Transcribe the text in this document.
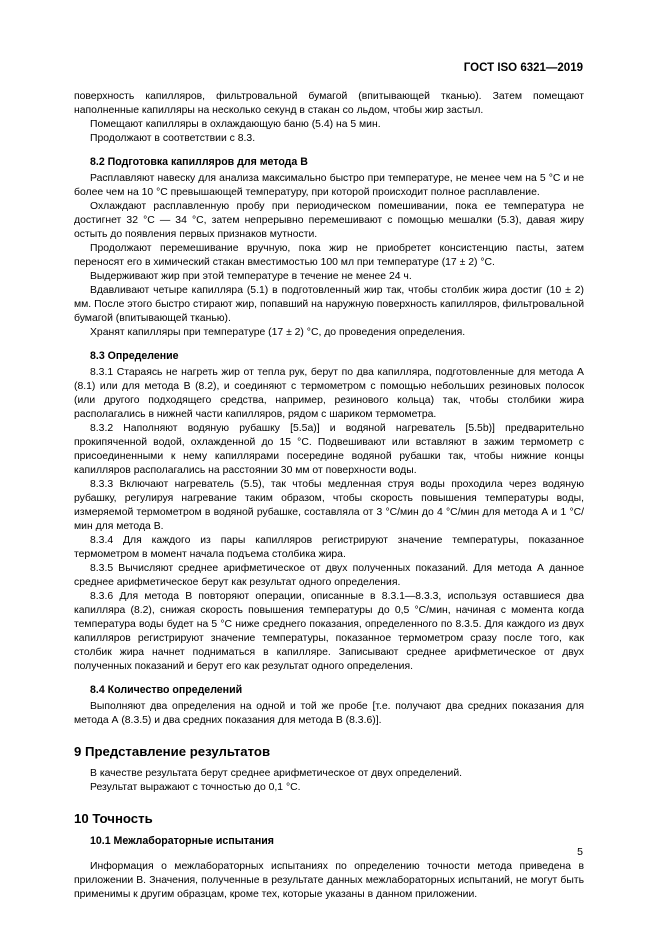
ГОСТ ISO 6321—2019

поверхность капилляров, фильтровальной бумагой (впитывающей тканью). Затем помещают наполненные капилляры на несколько секунд в стакан со льдом, чтобы жир застыл.

Помещают капилляры в охлаждающую баню (5.4) на 5 мин.

Продолжают в соответствии с 8.3.

8.2 Подготовка капилляров для метода В

Расплавляют навеску для анализа максимально быстро при температуре, не менее чем на 5 °С и не более чем на 10 °С превышающей температуру, при которой происходит полное расплавление.

Охлаждают расплавленную пробу при периодическом помешивании, пока ее температура не достигнет 32 °С — 34 °С, затем непрерывно перемешивают с помощью мешалки (5.3), давая жиру остыть до появления первых признаков мутности.

Продолжают перемешивание вручную, пока жир не приобретет консистенцию пасты, затем переносят его в химический стакан вместимостью 100 мл при температуре (17 ± 2) °С.

Выдерживают жир при этой температуре в течение не менее 24 ч.

Вдавливают четыре капилляра (5.1) в подготовленный жир так, чтобы столбик жира достиг (10 ± 2) мм. После этого быстро стирают жир, попавший на наружную поверхность капилляров, фильтровальной бумагой (впитывающей тканью).

Хранят капилляры при температуре (17 ± 2) °С, до проведения определения.

8.3 Определение

8.3.1 Стараясь не нагреть жир от тепла рук, берут по два капилляра, подготовленные для метода А (8.1) или для метода В (8.2), и соединяют с термометром с помощью небольших резиновых полосок (или другого подходящего средства, например, резинового кольца) так, чтобы столбики жира располагались в нижней части капилляров, рядом с шариком термометра.

8.3.2 Наполняют водяную рубашку [5.5а)] и водяной нагреватель [5.5b)] предварительно прокипяченной водой, охлажденной до 15 °С. Подвешивают или вставляют в зажим термометр с присоединенными к нему капиллярами посередине водяной рубашки так, чтобы нижние концы капилляров располагались на расстоянии 30 мм от поверхности воды.

8.3.3 Включают нагреватель (5.5), так чтобы медленная струя воды проходила через водяную рубашку, регулируя нагревание таким образом, чтобы скорость повышения температуры воды, измеряемой термометром в водяной рубашке, составляла от 3 °С/мин до 4 °С/мин для метода А и 1 °С/мин для метода В.

8.3.4 Для каждого из пары капилляров регистрируют значение температуры, показанное термометром в момент начала подъема столбика жира.

8.3.5 Вычисляют среднее арифметическое от двух полученных показаний. Для метода А данное среднее арифметическое берут как результат одного определения.

8.3.6 Для метода В повторяют операции, описанные в 8.3.1—8.3.3, используя оставшиеся два капилляра (8.2), снижая скорость повышения температуры до 0,5 °С/мин, начиная с момента когда температура воды будет на 5 °С ниже среднего показания, определенного по 8.3.5. Для каждого из двух капилляров регистрируют значение температуры, показанное термометром сразу после того, как столбик жира начнет подниматься в капилляре. Записывают среднее арифметическое от двух полученных показаний и берут его как результат одного определения.

8.4 Количество определений

Выполняют два определения на одной и той же пробе [т.е. получают два средних показания для метода А (8.3.5) и два средних показания для метода В (8.3.6)].

9 Представление результатов

В качестве результата берут среднее арифметическое от двух определений.

Результат выражают с точностью до 0,1 °С.

10 Точность
10.1 Межлабораторные испытания

Информация о межлабораторных испытаниях по определению точности метода приведена в приложении В. Значения, полученные в результате данных межлабораторных испытаний, не могут быть применимы к другим образцам, кроме тех, которые указаны в данном приложении.

5
